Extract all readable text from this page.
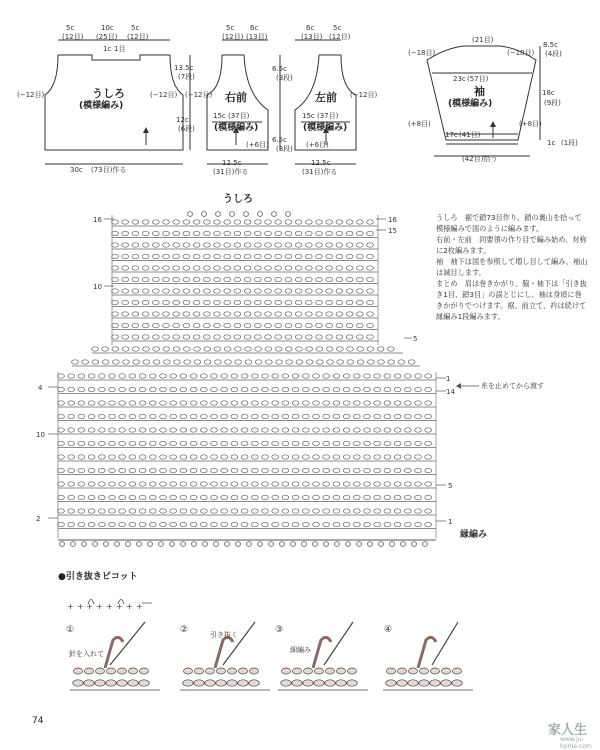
5c
(12目)
10c
(25目)
5c
(12目)
1c 1目
うしろ
(模様編み)
(−12目)	(−12目)
13.5c
(7段)
12c
(6段)
30c (73目)作る
5c
(12目)
6c
(13目)
(−12目) 右前
15c (37目)
(模様編み)
(+6目)
12.5c
(31目)作る
6.5c
(3段)
6.5c
(3段)
6c
(13目)
5c
(12目)
左前 (−12目)
15c (37目)
(模様編み)
(+6目)
12.5c
(31目)作る
(21目)
(−18目)	(−18目)
8.5c
(4段)
23c (57目)
袖
(模様編み)
18c
(9段)
(+8目)	(+8目)
17c (41目)
1c (1段)
(42目)拾う
うしろ
+ + + + + + + +
16	16
15
10
5
1
14
4
10
5
2	1
糸を止めてから渡す
縁編み

うしろ　裾で鎖73目作り、鎖の裏山を拾って模様編みで図のように編みます。

右前・左前　同要領の作り目で編み始め、対称に2枚編みます。

袖　袖下は図を参照して増し目して編み、袖山は減目します。

まとめ　肩は巻きかがり、脇・袖下は「引き抜き1目、鎖3目」の誤とじにし、袖は身頃に巻きかがりでつけます。裾、前立て、衿は続けて縁編み1段編みます。

●引き抜きピコット
①	②	③	④
針を入れて
引き抜く
細編み
74
家人生
www.ju-home.com
